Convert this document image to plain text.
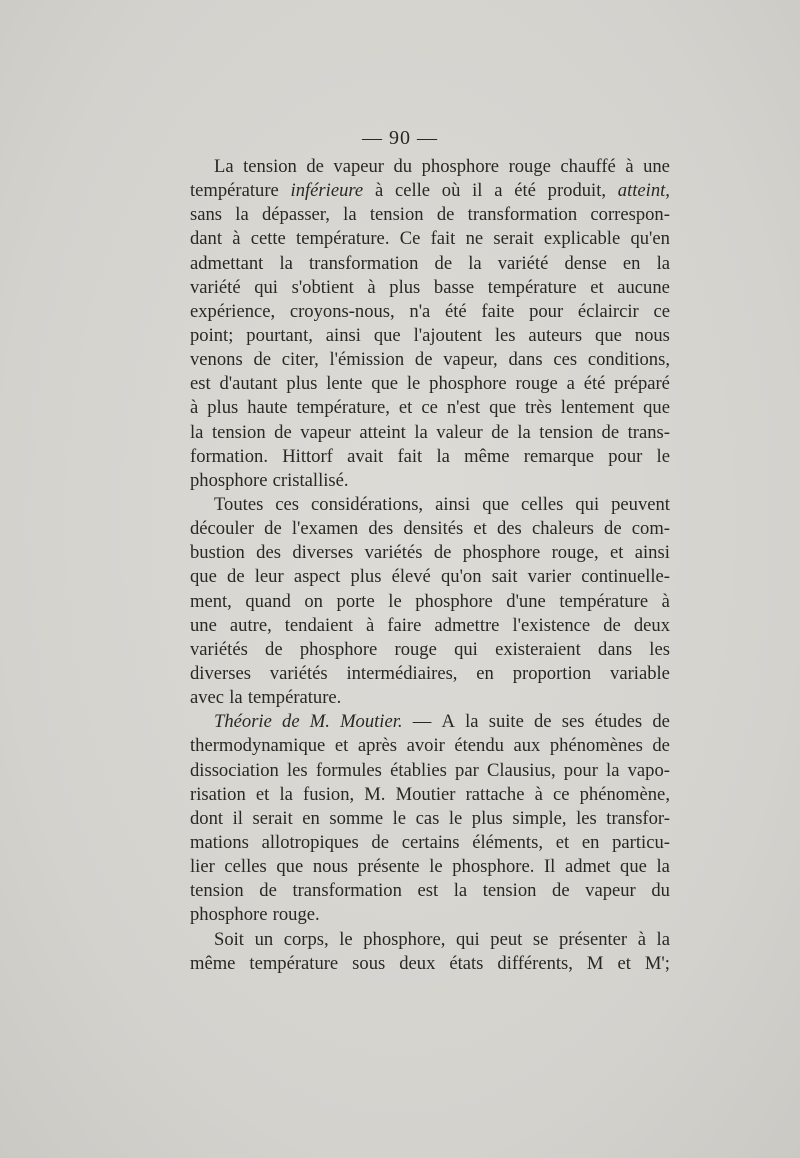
— 90 —
La tension de vapeur du phosphore rouge chauffé à une
température inférieure à celle où il a été produit, atteint,
sans la dépasser, la tension de transformation correspon-
dant à cette température. Ce fait ne serait explicable qu'en
admettant la transformation de la variété dense en la
variété qui s'obtient à plus basse température et aucune
expérience, croyons-nous, n'a été faite pour éclaircir ce
point; pourtant, ainsi que l'ajoutent les auteurs que nous
venons de citer, l'émission de vapeur, dans ces conditions,
est d'autant plus lente que le phosphore rouge a été préparé
à plus haute température, et ce n'est que très lentement que
la tension de vapeur atteint la valeur de la tension de trans-
formation. Hittorf avait fait la même remarque pour le
phosphore cristallisé.
Toutes ces considérations, ainsi que celles qui peuvent
découler de l'examen des densités et des chaleurs de com-
bustion des diverses variétés de phosphore rouge, et ainsi
que de leur aspect plus élevé qu'on sait varier continuelle-
ment, quand on porte le phosphore d'une température à
une autre, tendaient à faire admettre l'existence de deux
variétés de phosphore rouge qui existeraient dans les
diverses variétés intermédiaires, en proportion variable
avec la température.
Théorie de M. Moutier. — A la suite de ses études de
thermodynamique et après avoir étendu aux phénomènes de
dissociation les formules établies par Clausius, pour la vapo-
risation et la fusion, M. Moutier rattache à ce phénomène,
dont il serait en somme le cas le plus simple, les transfor-
mations allotropiques de certains éléments, et en particu-
lier celles que nous présente le phosphore. Il admet que la
tension de transformation est la tension de vapeur du
phosphore rouge.
Soit un corps, le phosphore, qui peut se présenter à la
même température sous deux états différents, M et M';
